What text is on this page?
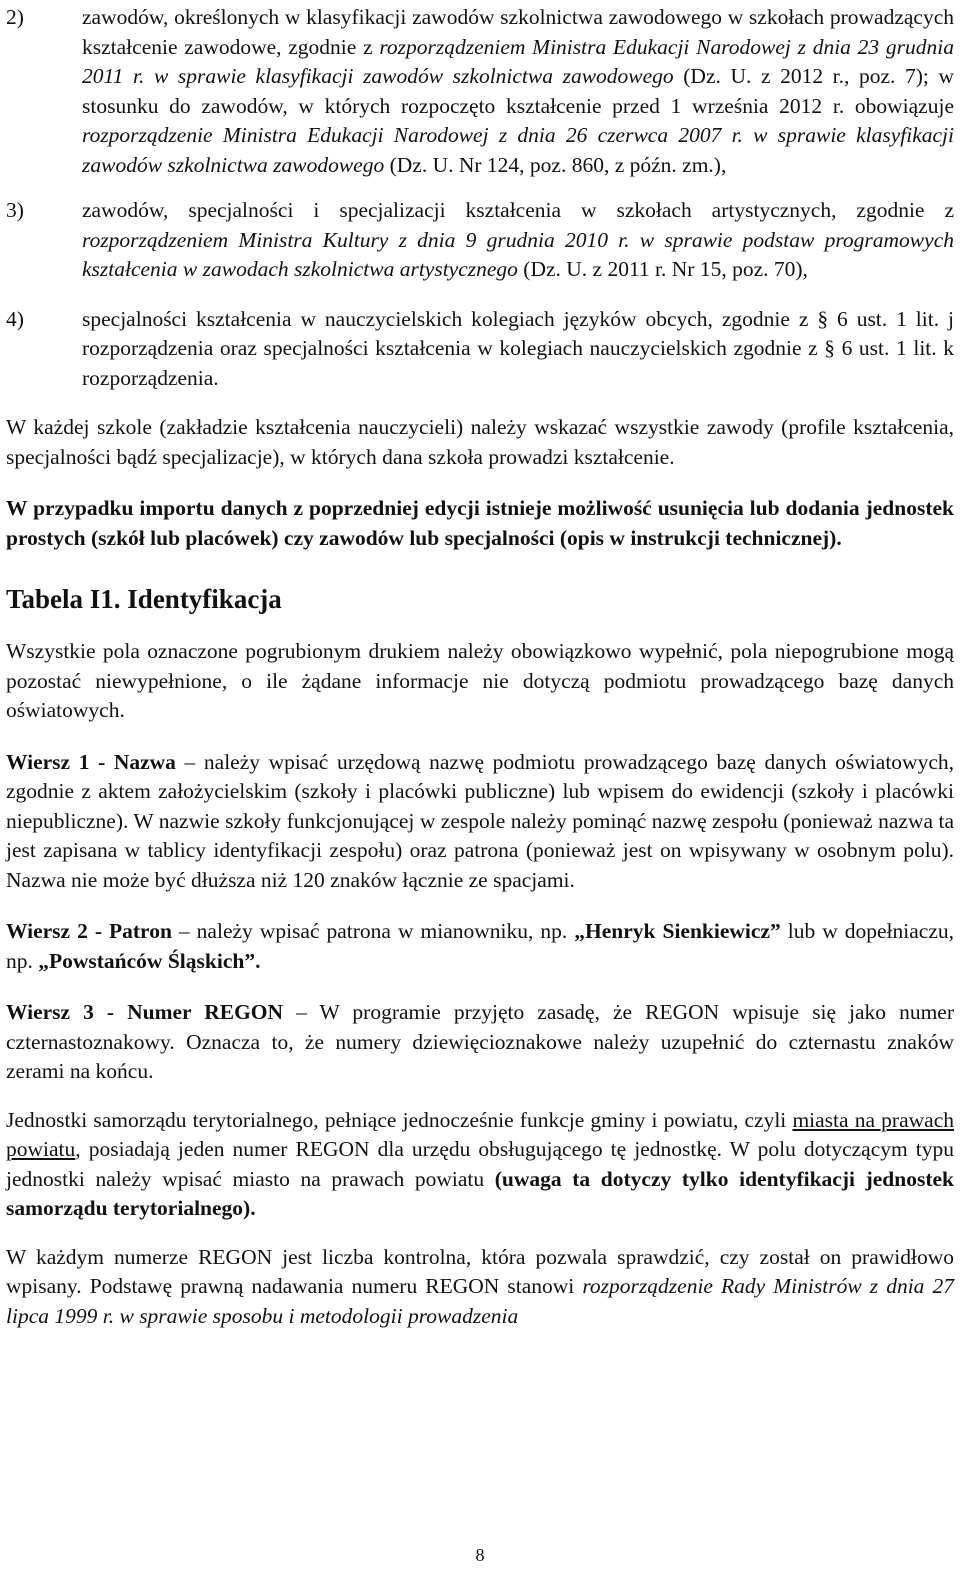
2)	zawodów, określonych w klasyfikacji zawodów szkolnictwa zawodowego w szkołach prowadzących kształcenie zawodowe, zgodnie z rozporządzeniem Ministra Edukacji Narodowej z dnia 23 grudnia 2011 r. w sprawie klasyfikacji zawodów szkolnictwa zawodowego (Dz. U. z 2012 r., poz. 7); w stosunku do zawodów, w których rozpoczęto kształcenie przed 1 września 2012 r. obowiązuje rozporządzenie Ministra Edukacji Narodowej z dnia 26 czerwca 2007 r. w sprawie klasyfikacji zawodów szkolnictwa zawodowego (Dz. U. Nr 124, poz. 860, z późn. zm.),
3)	zawodów, specjalności i specjalizacji kształcenia w szkołach artystycznych, zgodnie z rozporządzeniem Ministra Kultury z dnia 9 grudnia 2010 r. w sprawie podstaw programowych kształcenia w zawodach szkolnictwa artystycznego (Dz. U. z 2011 r. Nr 15, poz. 70),
4)	specjalności kształcenia w nauczycielskich kolegiach języków obcych, zgodnie z § 6 ust. 1 lit. j rozporządzenia oraz specjalności kształcenia w kolegiach nauczycielskich zgodnie z § 6 ust. 1 lit. k rozporządzenia.

W każdej szkole (zakładzie kształcenia nauczycieli) należy wskazać wszystkie zawody (profile kształcenia, specjalności bądź specjalizacje), w których dana szkoła prowadzi kształcenie.

W przypadku importu danych z poprzedniej edycji istnieje możliwość usunięcia lub dodania jednostek prostych (szkół lub placówek) czy zawodów lub specjalności (opis w instrukcji technicznej).

Tabela I1. Identyfikacja

Wszystkie pola oznaczone pogrubionym drukiem należy obowiązkowo wypełnić, pola niepogrubione mogą pozostać niewypełnione, o ile żądane informacje nie dotyczą podmiotu prowadzącego bazę danych oświatowych.

Wiersz 1 - Nazwa – należy wpisać urzędową nazwę podmiotu prowadzącego bazę danych oświatowych, zgodnie z aktem założycielskim (szkoły i placówki publiczne) lub wpisem do ewidencji (szkoły i placówki niepubliczne). W nazwie szkoły funkcjonującej w zespole należy pominąć nazwę zespołu (ponieważ nazwa ta jest zapisana w tablicy identyfikacji zespołu) oraz patrona (ponieważ jest on wpisywany w osobnym polu). Nazwa nie może być dłuższa niż 120 znaków łącznie ze spacjami.

Wiersz 2 - Patron – należy wpisać patrona w mianowniku, np. „Henryk Sienkiewicz” lub w dopełniaczu, np. „Powstańców Śląskich”.

Wiersz 3 - Numer REGON – W programie przyjęto zasadę, że REGON wpisuje się jako numer czternastoznakowy. Oznacza to, że numery dziewięcioznakowe należy uzupełnić do czternastu znaków zerami na końcu.

Jednostki samorządu terytorialnego, pełniące jednocześnie funkcje gminy i powiatu, czyli miasta na prawach powiatu, posiadają jeden numer REGON dla urzędu obsługującego tę jednostkę. W polu dotyczącym typu jednostki należy wpisać miasto na prawach powiatu (uwaga ta dotyczy tylko identyfikacji jednostek samorządu terytorialnego).

W każdym numerze REGON jest liczba kontrolna, która pozwala sprawdzić, czy został on prawidłowo wpisany. Podstawę prawną nadawania numeru REGON stanowi rozporządzenie Rady Ministrów z dnia 27 lipca 1999 r. w sprawie sposobu i metodologii prowadzenia

8
